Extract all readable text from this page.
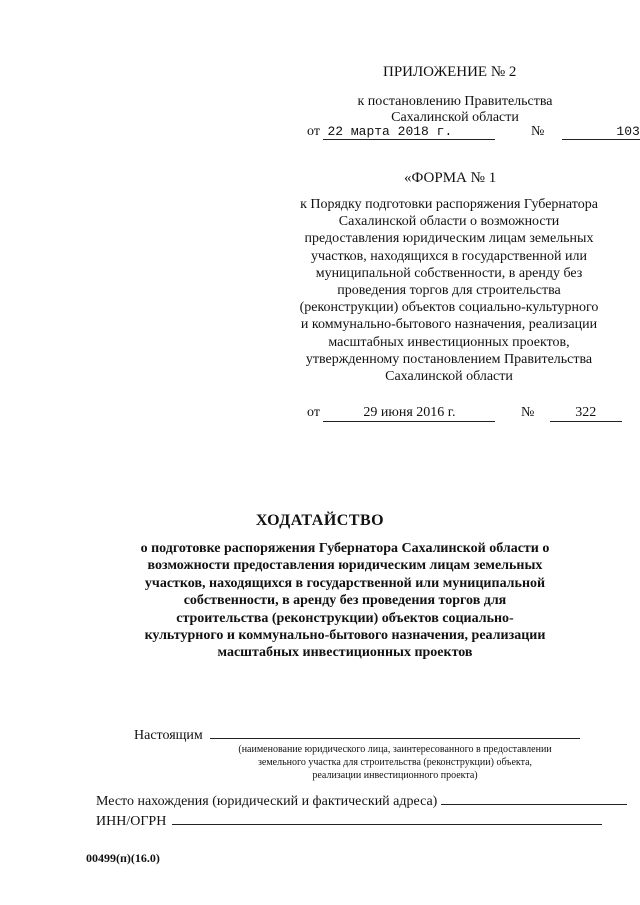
ПРИЛОЖЕНИЕ № 2
к постановлению Правительства
Сахалинской области
от 22 марта 2018 г.	№	103
«ФОРМА № 1
к Порядку подготовки распоряжения Губернатора Сахалинской области о возможности предоставления юридическим лицам земельных участков, находящихся в государственной или муниципальной собственности, в аренду без проведения торгов для строительства (реконструкции) объектов социально-культурного и коммунально-бытового назначения, реализации масштабных инвестиционных проектов, утвержденному постановлением Правительства Сахалинской области
от	29 июня 2016 г.	№	322
ХОДАТАЙСТВО
о подготовке распоряжения Губернатора Сахалинской области о возможности предоставления юридическим лицам земельных участков, находящихся в государственной или муниципальной собственности, в аренду без проведения торгов для строительства (реконструкции) объектов социально-культурного и коммунально-бытового назначения, реализации масштабных инвестиционных проектов
Настоящим
(наименование юридического лица, заинтересованного в предоставлении
земельного участка для строительства (реконструкции) объекта,
реализации инвестиционного проекта)
Место нахождения (юридический и фактический адреса)
ИНН/ОГРН
00499(п)(16.0)
